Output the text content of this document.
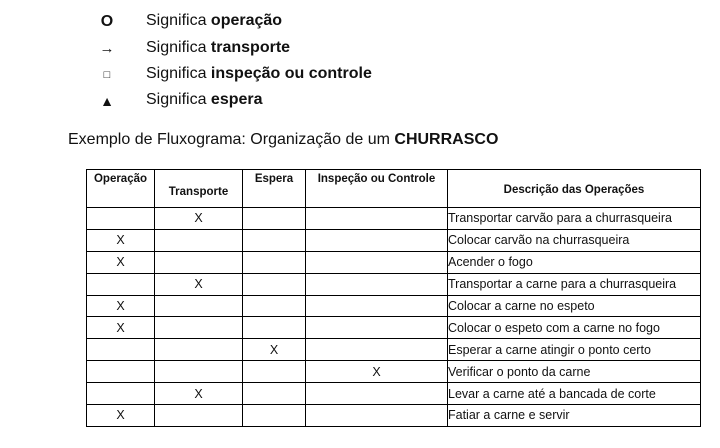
O Significa operação
→ Significa transporte
□	Significa inspeção ou controle
▲ Significa espera
Exemplo de Fluxograma: Organização de um CHURRASCO
Operação	Transporte	Espera	Inspeção ou Controle	Descrição das Operações
	X			Transportar carvão para a churrasqueira
X				Colocar carvão na churrasqueira
X				Acender o fogo
	X			Transportar a carne para a churrasqueira
X				Colocar a carne no espeto
X				Colocar o espeto com a carne no fogo
		X		Esperar a carne atingir o ponto certo
			X	Verificar o ponto da carne
	X			Levar a carne até a bancada de corte
X				Fatiar a carne e servir
